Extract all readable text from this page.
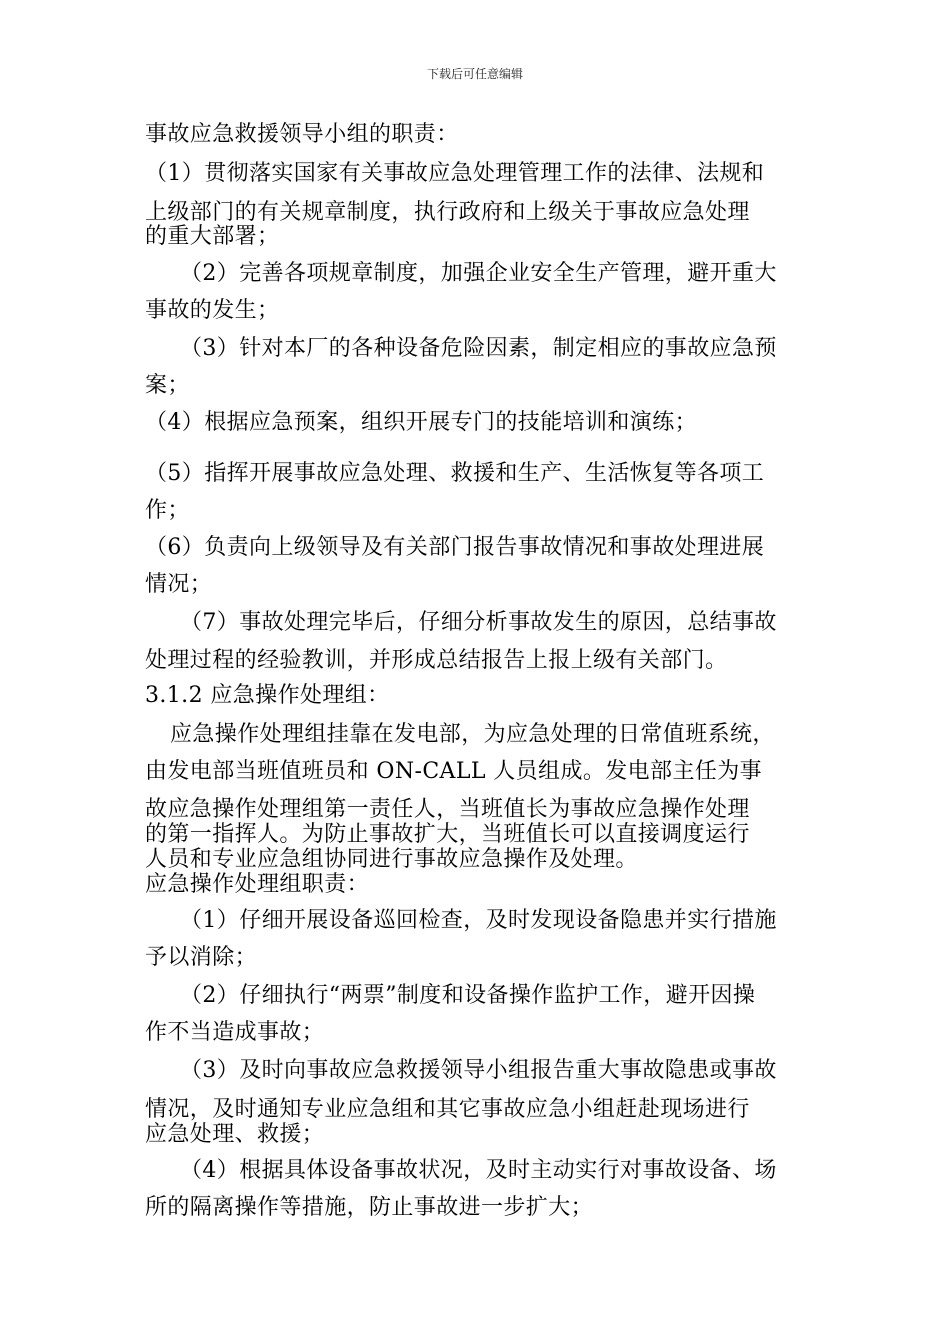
下载后可任意编辑
事故应急救援领导小组的职责：
（1）贯彻落实国家有关事故应急处理管理工作的法律、法规和
上级部门的有关规章制度，执行政府和上级关于事故应急处理
的重大部署；
（2）完善各项规章制度，加强企业安全生产管理，避开重大
事故的发生；
（3）针对本厂的各种设备危险因素，制定相应的事故应急预
案；
（4）根据应急预案，组织开展专门的技能培训和演练；
（5）指挥开展事故应急处理、救援和生产、生活恢复等各项工
作；
（6）负责向上级领导及有关部门报告事故情况和事故处理进展
情况；
（7）事故处理完毕后，仔细分析事故发生的原因，总结事故
处理过程的经验教训，并形成总结报告上报上级有关部门。
3.1.2 应急操作处理组：
应急操作处理组挂靠在发电部，为应急处理的日常值班系统，
由发电部当班值班员和 ON-CALL 人员组成。发电部主任为事
故应急操作处理组第一责任人，当班值长为事故应急操作处理
的第一指挥人。为防止事故扩大，当班值长可以直接调度运行
人员和专业应急组协同进行事故应急操作及处理。
应急操作处理组职责：
（1）仔细开展设备巡回检查，及时发现设备隐患并实行措施
予以消除；
（2）仔细执行“两票”制度和设备操作监护工作，避开因操
作不当造成事故；
（3）及时向事故应急救援领导小组报告重大事故隐患或事故
情况，及时通知专业应急组和其它事故应急小组赶赴现场进行
应急处理、救援；
（4）根据具体设备事故状况，及时主动实行对事故设备、场
所的隔离操作等措施，防止事故进一步扩大；
